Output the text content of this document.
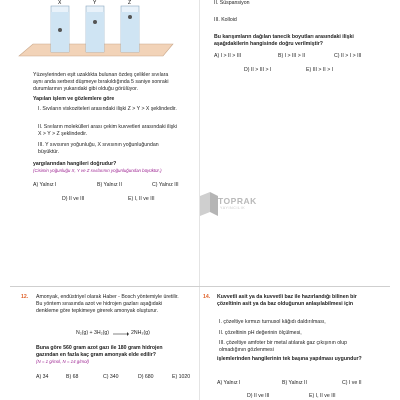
X	Y	Z
Yüzeylerinden eşit uzaklıkta bulunan özdeş çelikler sıvılara aynı anda serbest düşmeye bırakıldığında 5 saniye sonraki durumlarının yukarıdaki gibi olduğu görülüyor.
Yapılan işlem ve gözlemlere göre
I. Sıvıların viskoziteleri arasındaki ilişki Z > Y > X şeklindedir.
II. Sıvıların molekülleri arası çekim kuvvetleri arasındaki ilişki X > Y > Z şeklindedir.
III. Y sıvısının yoğunluğu, X sıvısının yoğunluğundan büyüktür.
yargılarından hangileri doğrudur?
(Cisimin yoğunluğu X, Y ve Z sıvılarının yoğunluğundan büyüktür.)
A) Yalnız I	B) Yalnız II	C) Yalnız III
D) II ve III	E) I, II ve III
II. Süspansiyon
III. Kolloid
Bu karışımların dağılan tanecik boyutları arasındaki ilişki aşağıdakilerin hangisinde doğru verilmiştir?
A) I > II > III	B) I > III > II	C) II > I > III
D) II > III > I	E) III > II > I
TOPRAK
YAYINCILIK
12. Amonyak, endüstriyel olarak Haber - Bosch yöntemiyle üretilir. Bu yöntem sırasında azot ve hidrojen gazları aşağıdaki denkleme göre tepkimeye girerek amonyak oluşturur.
N₂(g) + 3H₂(g) → 2NH₃(g)
Buna göre 560 gram azot gazı ile 180 gram hidrojen gazından en fazla kaç gram amonyak elde edilir?
(N = 1 g/mol, N = 14 g/mol)
A) 34	B) 68	C) 340	D) 680	E) 1020
14. Kuvvetli asit ya da kuvvetli baz ile hazırlandığı bilinen bir çözeltinin asit ya da baz olduğunun anlaşılabilmesi için
I. çözeltiye kırmızı turnusol kâğıdı daldırılması,
II. çözeltinin pH değerinin ölçülmesi,
III. çözeltiye amfoter bir metal atılarak gaz çıkışının olup olmadığının gözlenmesi
işlemlerinden hangilerinin tek başına yapılması uygundur?
A) Yalnız I	B) Yalnız II	C) I ve II
D) II ve III	E) I, II ve III
